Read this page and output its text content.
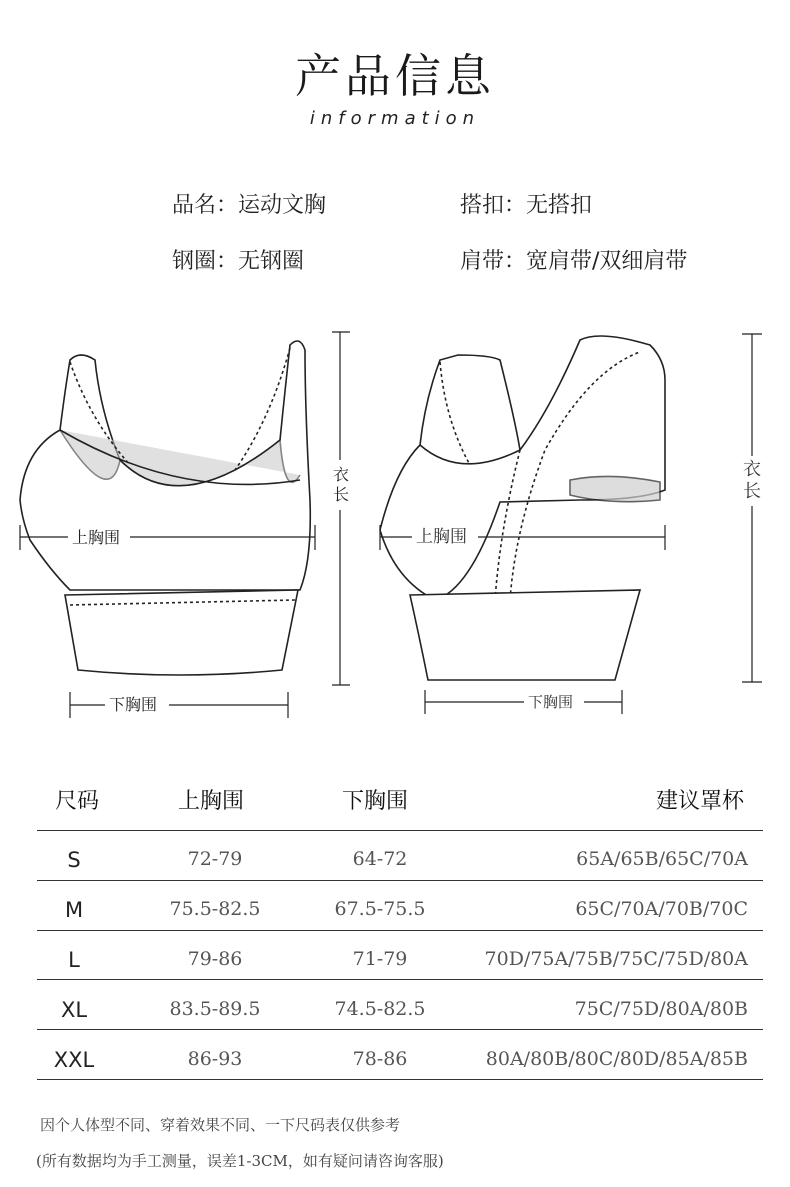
产品信息
information
品名：运动文胸	搭扣：无搭扣
钢圈：无钢圈	肩带：宽肩带/双细肩带
上胸围
衣
长
下胸围
上胸围
衣
长
下胸围
尺码	上胸围	下胸围	建议罩杯
S	72-79	64-72	65A/65B/65C/70A
M	75.5-82.5	67.5-75.5	65C/70A/70B/70C
L	79-86	71-79	70D/75A/75B/75C/75D/80A
XL	83.5-89.5	74.5-82.5	75C/75D/80A/80B
XXL	86-93	78-86	80A/80B/80C/80D/85A/85B
因个人体型不同、穿着效果不同、一下尺码表仅供参考
(所有数据均为手工测量，误差1-3CM，如有疑问请咨询客服)
